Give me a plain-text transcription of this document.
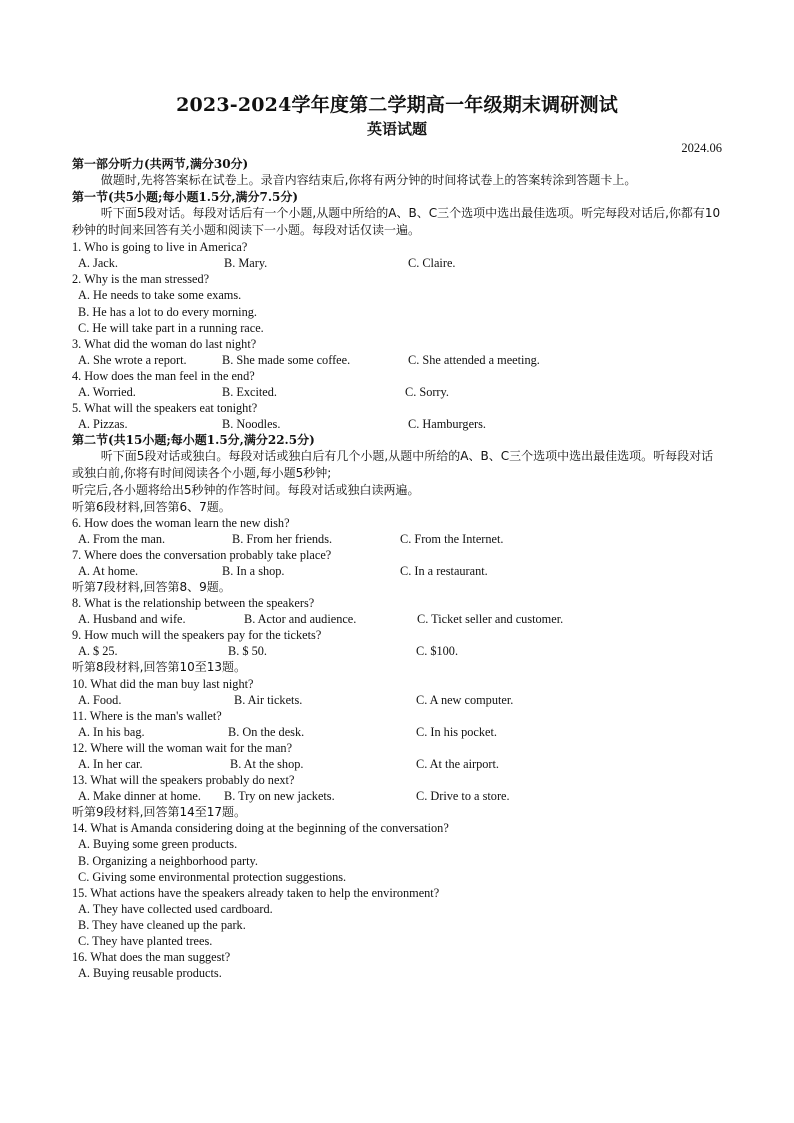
2023-2024学年度第二学期高一年级期末调研测试
英语试题
2024.06
第一部分听力(共两节,满分30分)
做题时,先将答案标在试卷上。录音内容结束后,你将有两分钟的时间将试卷上的答案转涂到答题卡上。
第一节(共5小题;每小题1.5分,满分7.5分)
听下面5段对话。每段对话后有一个小题,从题中所给的A、B、C三个选项中选出最佳选项。听完每段对话后,你都有10秒钟的时间来回答有关小题和阅读下一小题。每段对话仅读一遍。
1. Who is going to live in America?
A. Jack.	B. Mary.	C. Claire.
2. Why is the man stressed?
A. He needs to take some exams.
B. He has a lot to do every morning.
C. He will take part in a running race.
3. What did the woman do last night?
A. She wrote a report.	B. She made some coffee.	C. She attended a meeting.
4. How does the man feel in the end?
A. Worried.	B. Excited.	C. Sorry.
5. What will the speakers eat tonight?
A. Pizzas.	B. Noodles.	C. Hamburgers.
第二节(共15小题;每小题1.5分,满分22.5分)
听下面5段对话或独白。每段对话或独白后有几个小题,从题中所给的A、B、C三个选项中选出最佳选项。听每段对话或独白前,你将有时间阅读各个小题,每小题5秒钟;
听完后,各小题将给出5秒钟的作答时间。每段对话或独白读两遍。
听第6段材料,回答第6、7题。
6. How does the woman learn the new dish?
A. From the man.	B. From her friends.	C. From the Internet.
7. Where does the conversation probably take place?
A. At home.	B. In a shop.	C. In a restaurant.
听第7段材料,回答第8、9题。
8. What is the relationship between the speakers?
A. Husband and wife.	B. Actor and audience.	C. Ticket seller and customer.
9. How much will the speakers pay for the tickets?
A. $ 25.	B. $ 50.	C. $100.
听第8段材料,回答第10至13题。
10. What did the man buy last night?
A. Food.	B. Air tickets.	C. A new computer.
11. Where is the man's wallet?
A. In his bag.	B. On the desk.	C. In his pocket.
12. Where will the woman wait for the man?
A. In her car.	B. At the shop.	C. At the airport.
13. What will the speakers probably do next?
A. Make dinner at home. B. Try on new jackets.	C. Drive to a store.
听第9段材料,回答第14至17题。
14. What is Amanda considering doing at the beginning of the conversation?
A. Buying some green products.
B. Organizing a neighborhood party.
C. Giving some environmental protection suggestions.
15. What actions have the speakers already taken to help the environment?
A. They have collected used cardboard.
B. They have cleaned up the park.
C. They have planted trees.
16. What does the man suggest?
A. Buying reusable products.
